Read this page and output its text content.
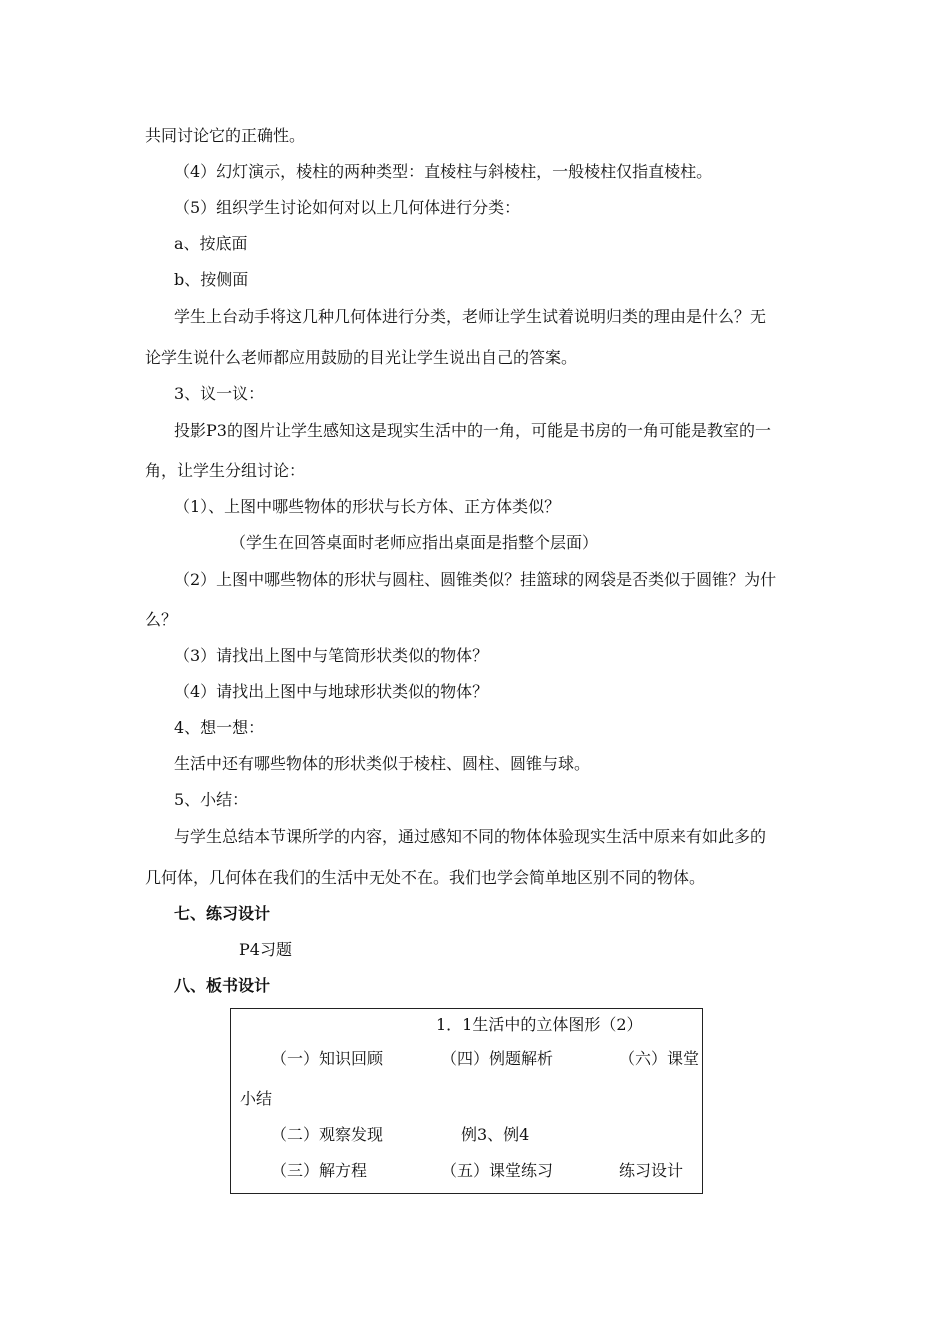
共同讨论它的正确性。
（4）幻灯演示，棱柱的两种类型：直棱柱与斜棱柱，一般棱柱仅指直棱柱。
（5）组织学生讨论如何对以上几何体进行分类：
a、按底面
b、按侧面
学生上台动手将这几种几何体进行分类，老师让学生试着说明归类的理由是什么？无
论学生说什么老师都应用鼓励的目光让学生说出自己的答案。
3、议一议：
投影P3的图片让学生感知这是现实生活中的一角，可能是书房的一角可能是教室的一
角，让学生分组讨论：
（1）、上图中哪些物体的形状与长方体、正方体类似？
（学生在回答桌面时老师应指出桌面是指整个层面）
（2）上图中哪些物体的形状与圆柱、圆锥类似？挂篮球的网袋是否类似于圆锥？为什
么？
（3）请找出上图中与笔筒形状类似的物体？
（4）请找出上图中与地球形状类似的物体？
4、想一想：
生活中还有哪些物体的形状类似于棱柱、圆柱、圆锥与球。
5、小结：
与学生总结本节课所学的内容，通过感知不同的物体体验现实生活中原来有如此多的
几何体，几何体在我们的生活中无处不在。我们也学会简单地区别不同的物体。
七、练习设计
P4习题
八、板书设计
1．1生活中的立体图形（2）
（一）知识回顾	（四）例题解析	（六）课堂
小结
（二）观察发现	例3、例4
（三）解方程	（五）课堂练习	练习设计
